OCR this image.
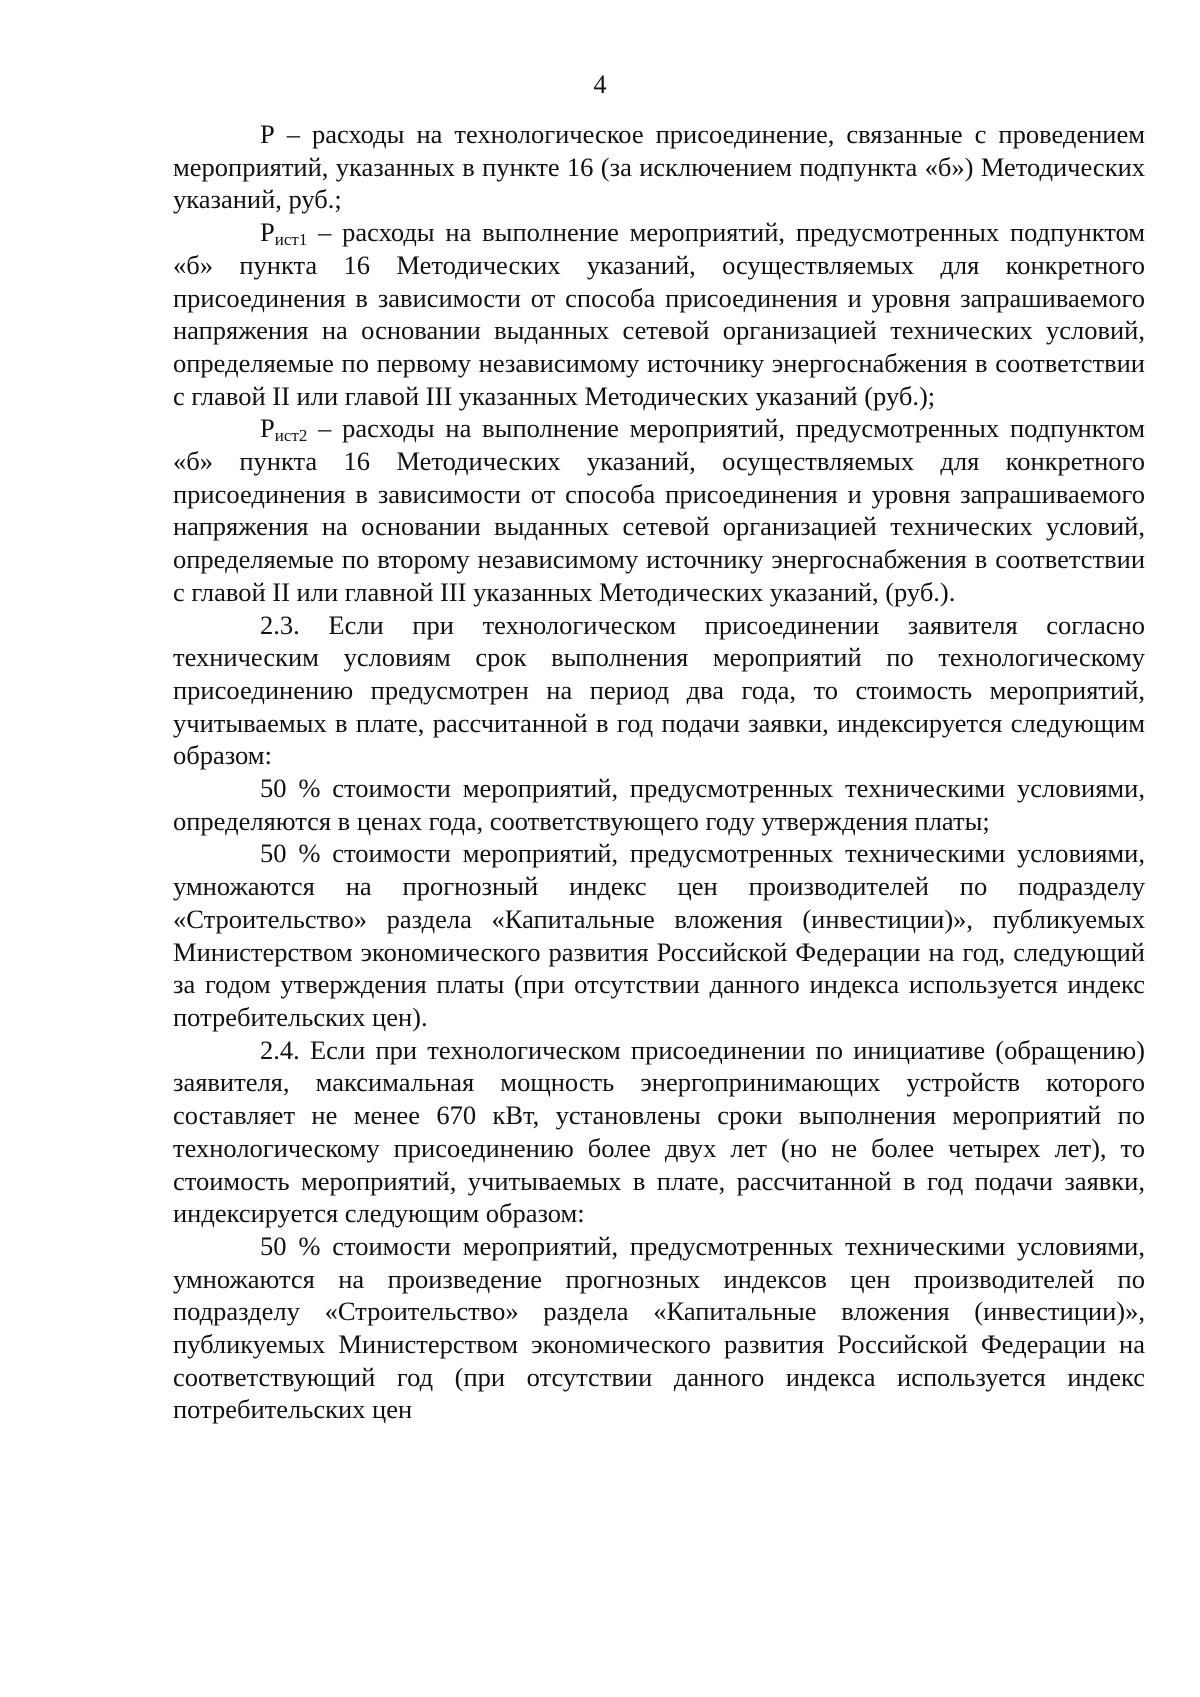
4

Р – расходы на технологическое присоединение, связанные с проведением мероприятий, указанных в пункте 16 (за исключением подпункта «б») Методических указаний, руб.;

$Р_{ист1}$ – расходы на выполнение мероприятий, предусмотренных подпунктом «б» пункта 16 Методических указаний, осуществляемых для конкретного присоединения в зависимости от способа присоединения и уровня запрашиваемого напряжения на основании выданных сетевой организацией технических условий, определяемые по первому независимому источнику энергоснабжения в соответствии с главой II или главой III указанных Методических указаний (руб.);

$Р_{ист2}$ – расходы на выполнение мероприятий, предусмотренных подпунктом «б» пункта 16 Методических указаний, осуществляемых для конкретного присоединения в зависимости от способа присоединения и уровня запрашиваемого напряжения на основании выданных сетевой организацией технических условий, определяемые по второму независимому источнику энергоснабжения в соответствии с главой II или главной III указанных Методических указаний, (руб.).

2.3. Если при технологическом присоединении заявителя согласно техническим условиям срок выполнения мероприятий по технологическому присоединению предусмотрен на период два года, то стоимость мероприятий, учитываемых в плате, рассчитанной в год подачи заявки, индексируется следующим образом:

50 % стоимости мероприятий, предусмотренных техническими условиями, определяются в ценах года, соответствующего году утверждения платы;

50 % стоимости мероприятий, предусмотренных техническими условиями, умножаются на прогнозный индекс цен производителей по подразделу «Строительство» раздела «Капитальные вложения (инвестиции)», публикуемых Министерством экономического развития Российской Федерации на год, следующий за годом утверждения платы (при отсутствии данного индекса используется индекс потребительских цен).

2.4. Если при технологическом присоединении по инициативе (обращению) заявителя, максимальная мощность энергопринимающих устройств которого составляет не менее 670 кВт, установлены сроки выполнения мероприятий по технологическому присоединению более двух лет (но не более четырех лет), то стоимость мероприятий, учитываемых в плате, рассчитанной в год подачи заявки, индексируется следующим образом:

50 % стоимости мероприятий, предусмотренных техническими условиями, умножаются на произведение прогнозных индексов цен производителей по подразделу «Строительство» раздела «Капитальные вложения (инвестиции)», публикуемых Министерством экономического развития Российской Федерации на соответствующий год (при отсутствии данного индекса используется индекс потребительских цен
